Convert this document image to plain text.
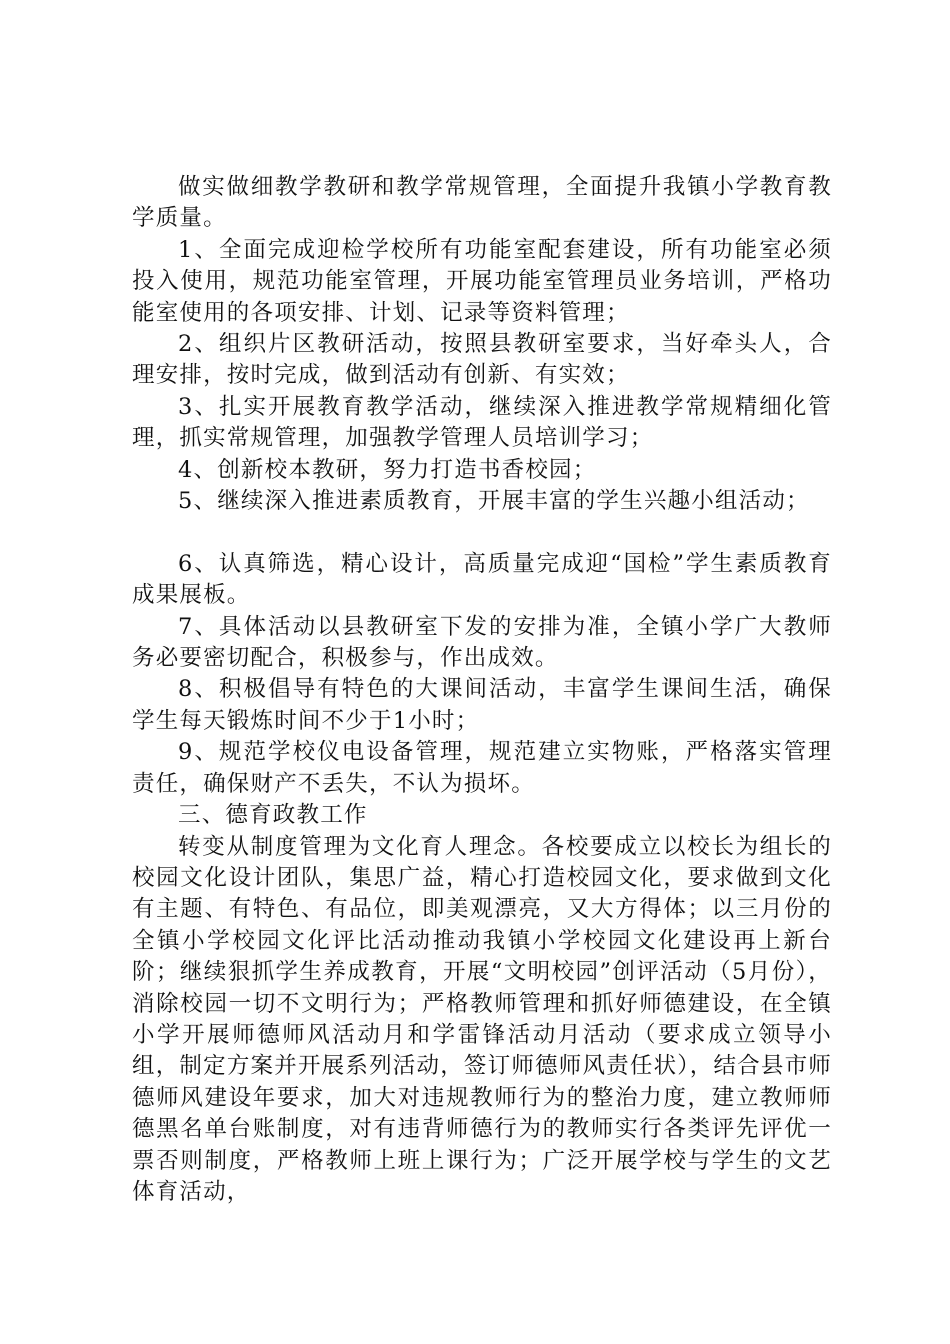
做实做细教学教研和教学常规管理，全面提升我镇小学教育教学质量。

1、全面完成迎检学校所有功能室配套建设，所有功能室必须投入使用，规范功能室管理，开展功能室管理员业务培训，严格功能室使用的各项安排、计划、记录等资料管理；

2、组织片区教研活动，按照县教研室要求，当好牵头人，合理安排，按时完成，做到活动有创新、有实效；

3、扎实开展教育教学活动，继续深入推进教学常规精细化管理，抓实常规管理，加强教学管理人员培训学习；

4、创新校本教研，努力打造书香校园；

5、继续深入推进素质教育，开展丰富的学生兴趣小组活动；

6、认真筛选，精心设计，高质量完成迎“国检”学生素质教育成果展板。

7、具体活动以县教研室下发的安排为准，全镇小学广大教师务必要密切配合，积极参与，作出成效。

8、积极倡导有特色的大课间活动，丰富学生课间生活，确保学生每天锻炼时间不少于1小时；

9、规范学校仪电设备管理，规范建立实物账，严格落实管理责任，确保财产不丢失，不认为损坏。

三、德育政教工作

转变从制度管理为文化育人理念。各校要成立以校长为组长的校园文化设计团队，集思广益，精心打造校园文化，要求做到文化有主题、有特色、有品位，即美观漂亮，又大方得体；以三月份的全镇小学校园文化评比活动推动我镇小学校园文化建设再上新台阶；继续狠抓学生养成教育，开展“文明校园”创评活动（5月份），消除校园一切不文明行为；严格教师管理和抓好师德建设，在全镇小学开展师德师风活动月和学雷锋活动月活动（要求成立领导小组，制定方案并开展系列活动，签订师德师风责任状），结合县市师德师风建设年要求，加大对违规教师行为的整治力度，建立教师师德黑名单台账制度，对有违背师德行为的教师实行各类评先评优一票否则制度，严格教师上班上课行为；广泛开展学校与学生的文艺体育活动，
